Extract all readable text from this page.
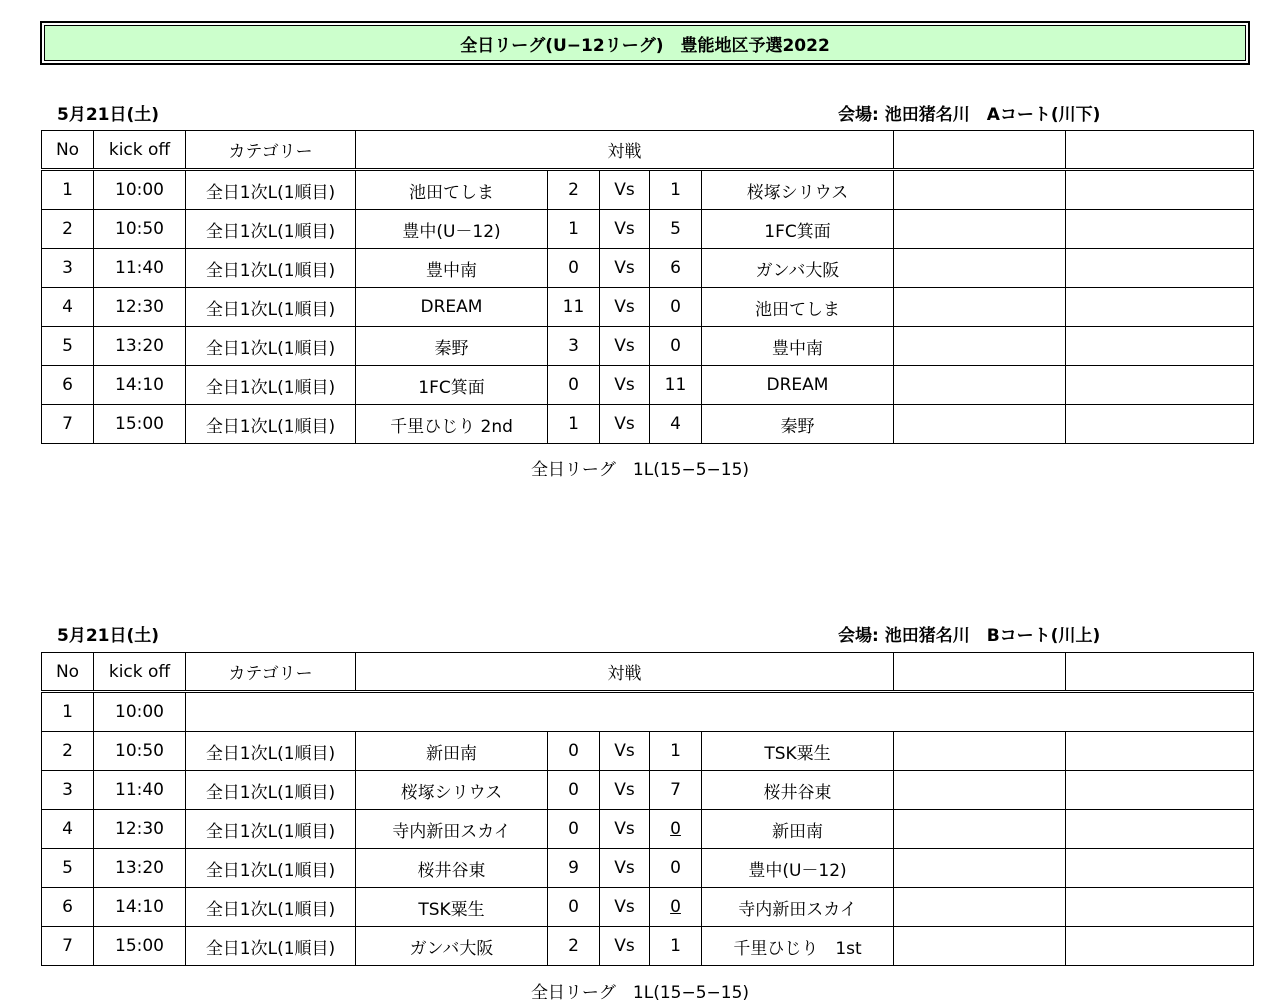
全日リーグ(U−12リーグ)　豊能地区予選2022
5月21日(土)	会場: 池田猪名川　Aコート(川下)
No	kick off	カテゴリー	対戦						
1	10:00	全日1次L(1順目)	池田てしま	2	Vs	1	桜塚シリウス		
2	10:50	全日1次L(1順目)	豊中(U－12)	1	Vs	5	1FC箕面		
3	11:40	全日1次L(1順目)	豊中南	0	Vs	6	ガンバ大阪		
4	12:30	全日1次L(1順目)	DREAM	11	Vs	0	池田てしま		
5	13:20	全日1次L(1順目)	秦野	3	Vs	0	豊中南		
6	14:10	全日1次L(1順目)	1FC箕面	0	Vs	11	DREAM		
7	15:00	全日1次L(1順目)	千里ひじり 2nd	1	Vs	4	秦野		
全日リーグ　1L(15−5−15)
5月21日(土)	会場: 池田猪名川　Bコート(川上)
No	kick off	カテゴリー	対戦						
1	10:00								
2	10:50	全日1次L(1順目)	新田南	0	Vs	1	TSK粟生		
3	11:40	全日1次L(1順目)	桜塚シリウス	0	Vs	7	桜井谷東		
4	12:30	全日1次L(1順目)	寺内新田スカイ	0	Vs	0	新田南		
5	13:20	全日1次L(1順目)	桜井谷東	9	Vs	0	豊中(U－12)		
6	14:10	全日1次L(1順目)	TSK粟生	0	Vs	0	寺内新田スカイ		
7	15:00	全日1次L(1順目)	ガンバ大阪	2	Vs	1	千里ひじり　1st		
全日リーグ　1L(15−5−15)
